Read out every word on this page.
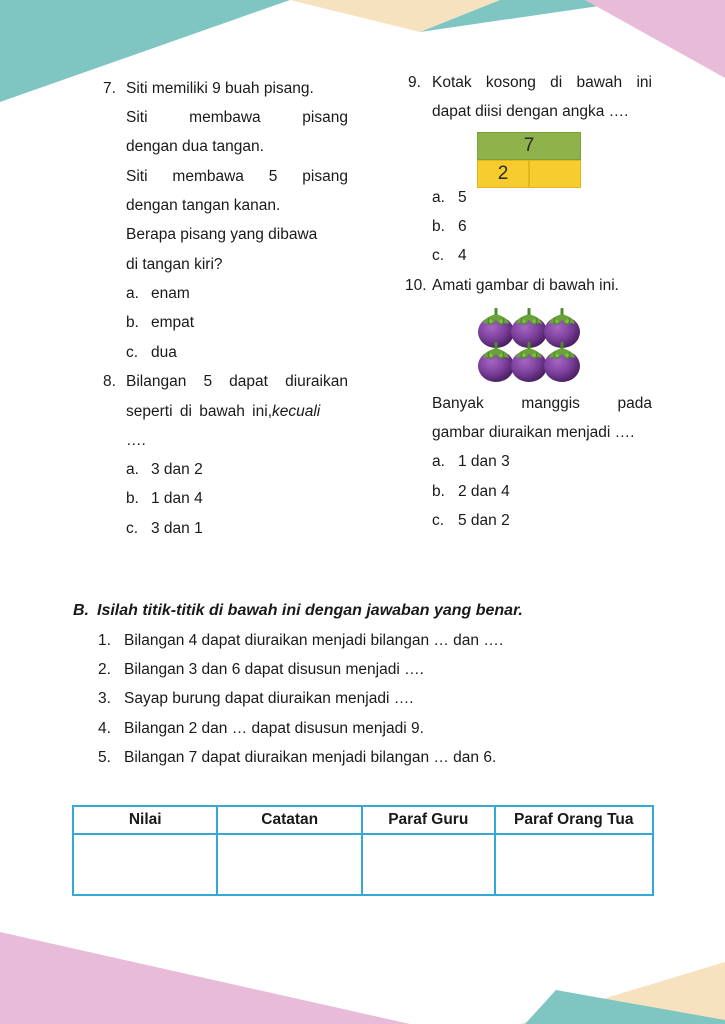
7. Siti memiliki 9 buah pisang.
Siti	membawa	pisang
dengan dua tangan.
Siti membawa 5 pisang
dengan tangan kanan.
Berapa pisang yang dibawa
di tangan kiri?
a. enam
b. empat
c. dua
8. Bilangan 5 dapat diuraikan
seperti di bawah ini,kecuali
….
a. 3 dan 2
b. 1 dan 4
c. 3 dan 1
9. Kotak kosong di bawah ini
dapat diisi dengan angka ….
7
2
a. 5
b. 6
c. 4
10. Amati gambar di bawah ini.
Banyak manggis pada
gambar diuraikan menjadi ….
a. 1 dan 3
b. 2 dan 4
c. 5 dan 2
B. Isilah titik-titik di bawah ini dengan jawaban yang benar.
1. Bilangan 4 dapat diuraikan menjadi bilangan … dan ….
2. Bilangan 3 dan 6 dapat disusun menjadi ….
3. Sayap burung dapat diuraikan menjadi ….
4. Bilangan 2 dan … dapat disusun menjadi 9.
5. Bilangan 7 dapat diuraikan menjadi bilangan … dan 6.
Nilai	Catatan	Paraf Guru	Paraf Orang Tua
